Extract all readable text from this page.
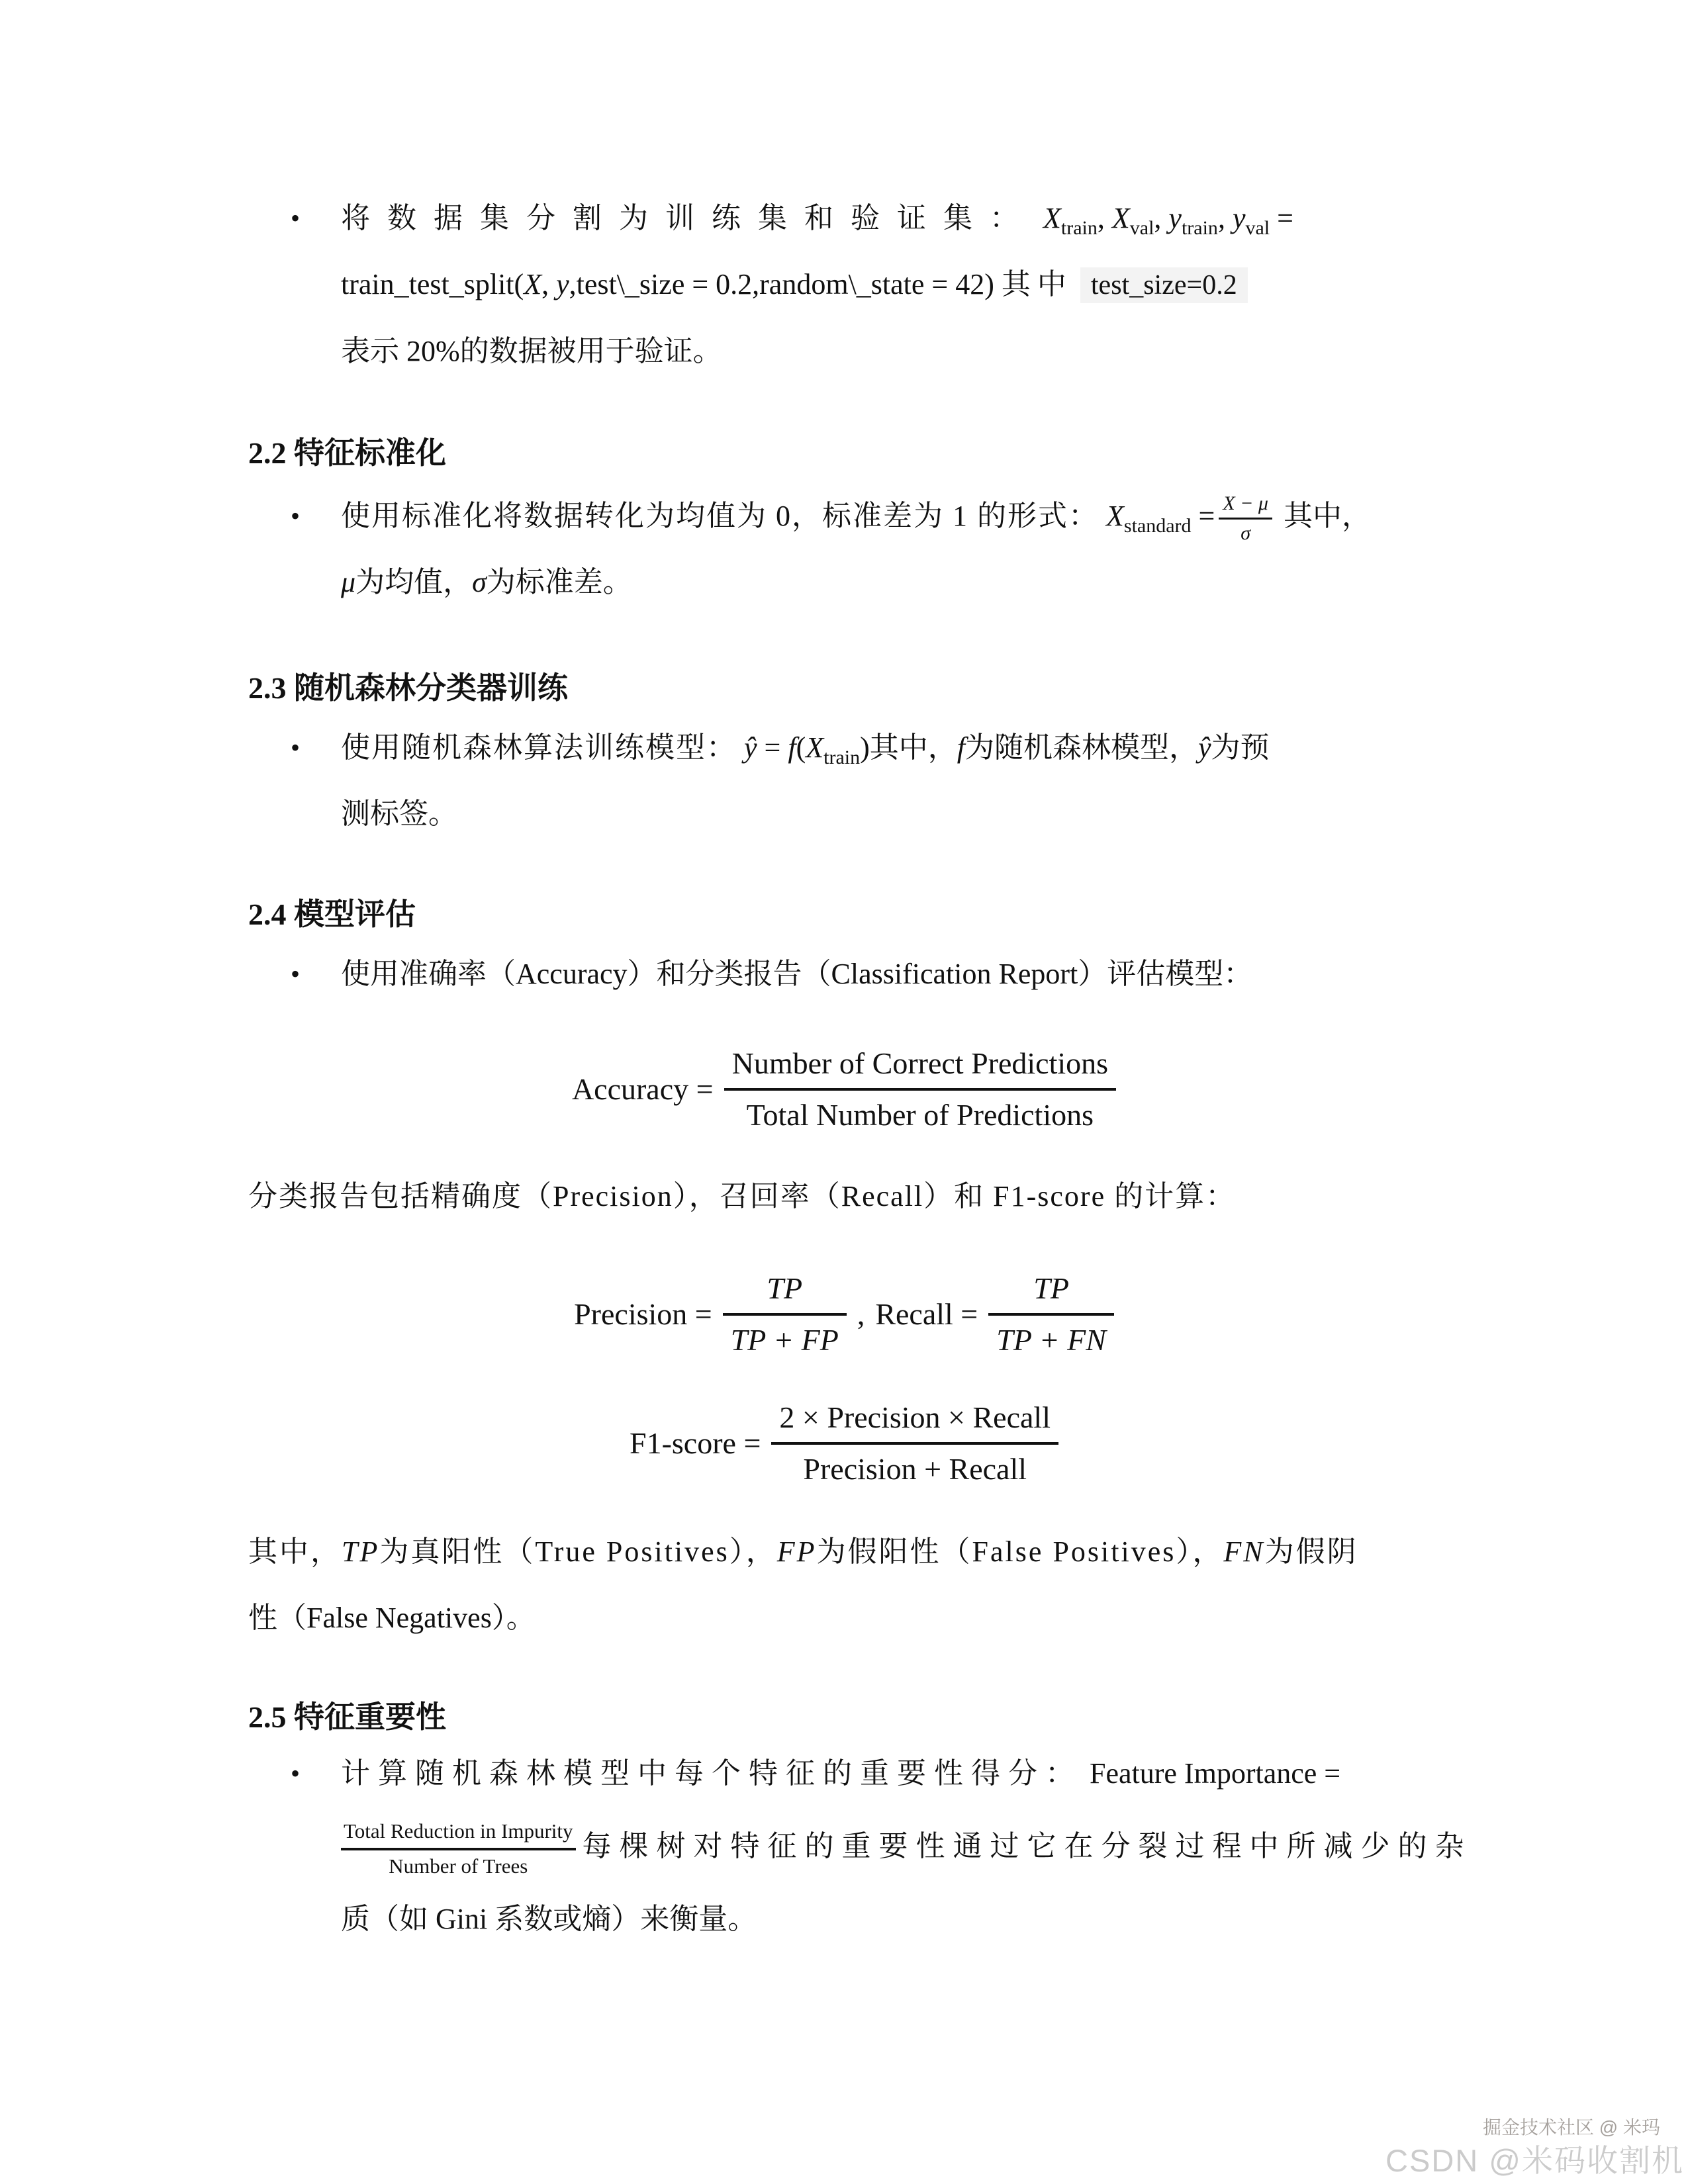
• 将数据集分割为训练集和验证集： $X_{train}$, $X_{val}$, $y_{train}$, $y_{val}$ =
train_test_split(X, y,test\_size = 0.2,random\_state = 42) 其中 test_size=0.2
表示 20%的数据被用于验证。
2.2 特征标准化
• 使用标准化将数据转化为均值为 0，标准差为 1 的形式： $X_{standard} = \frac{X - \mu}{\sigma}$ 其中，
μ为均值，σ为标准差。
2.3 随机森林分类器训练
• 使用随机森林算法训练模型： ŷ = $f(X_{train})$其中，f为随机森林模型，ŷ为预
测标签。
2.4 模型评估
• 使用准确率（Accuracy）和分类报告（Classification Report）评估模型：
Accuracy = $\frac{\text{Number of Correct Predictions}}{\text{Total Number of Predictions}}$
分类报告包括精确度（Precision），召回率（Recall）和 F1-score 的计算：
Precision = $\frac{TP}{TP + FP}$ , Recall = $\frac{TP}{TP + FN}$
F1-score = $\frac{\text{2 × Precision × Recall}}{\text{Precision + Recall}}$
其中，TP为真阳性（True Positives），FP为假阳性（False Positives），FN为假阴
性（False Negatives）。
2.5 特征重要性
• 计算随机森林模型中每个特征的重要性得分： Feature Importance =
$\frac{\text{Total Reduction in Impurity}}{\text{Number of Trees}}$ 每棵树对特征的重要性通过它在分裂过程中所减少的杂
质（如 Gini 系数或熵）来衡量。
掘金技术社区 @ 米玛
CSDN @米码收割机
